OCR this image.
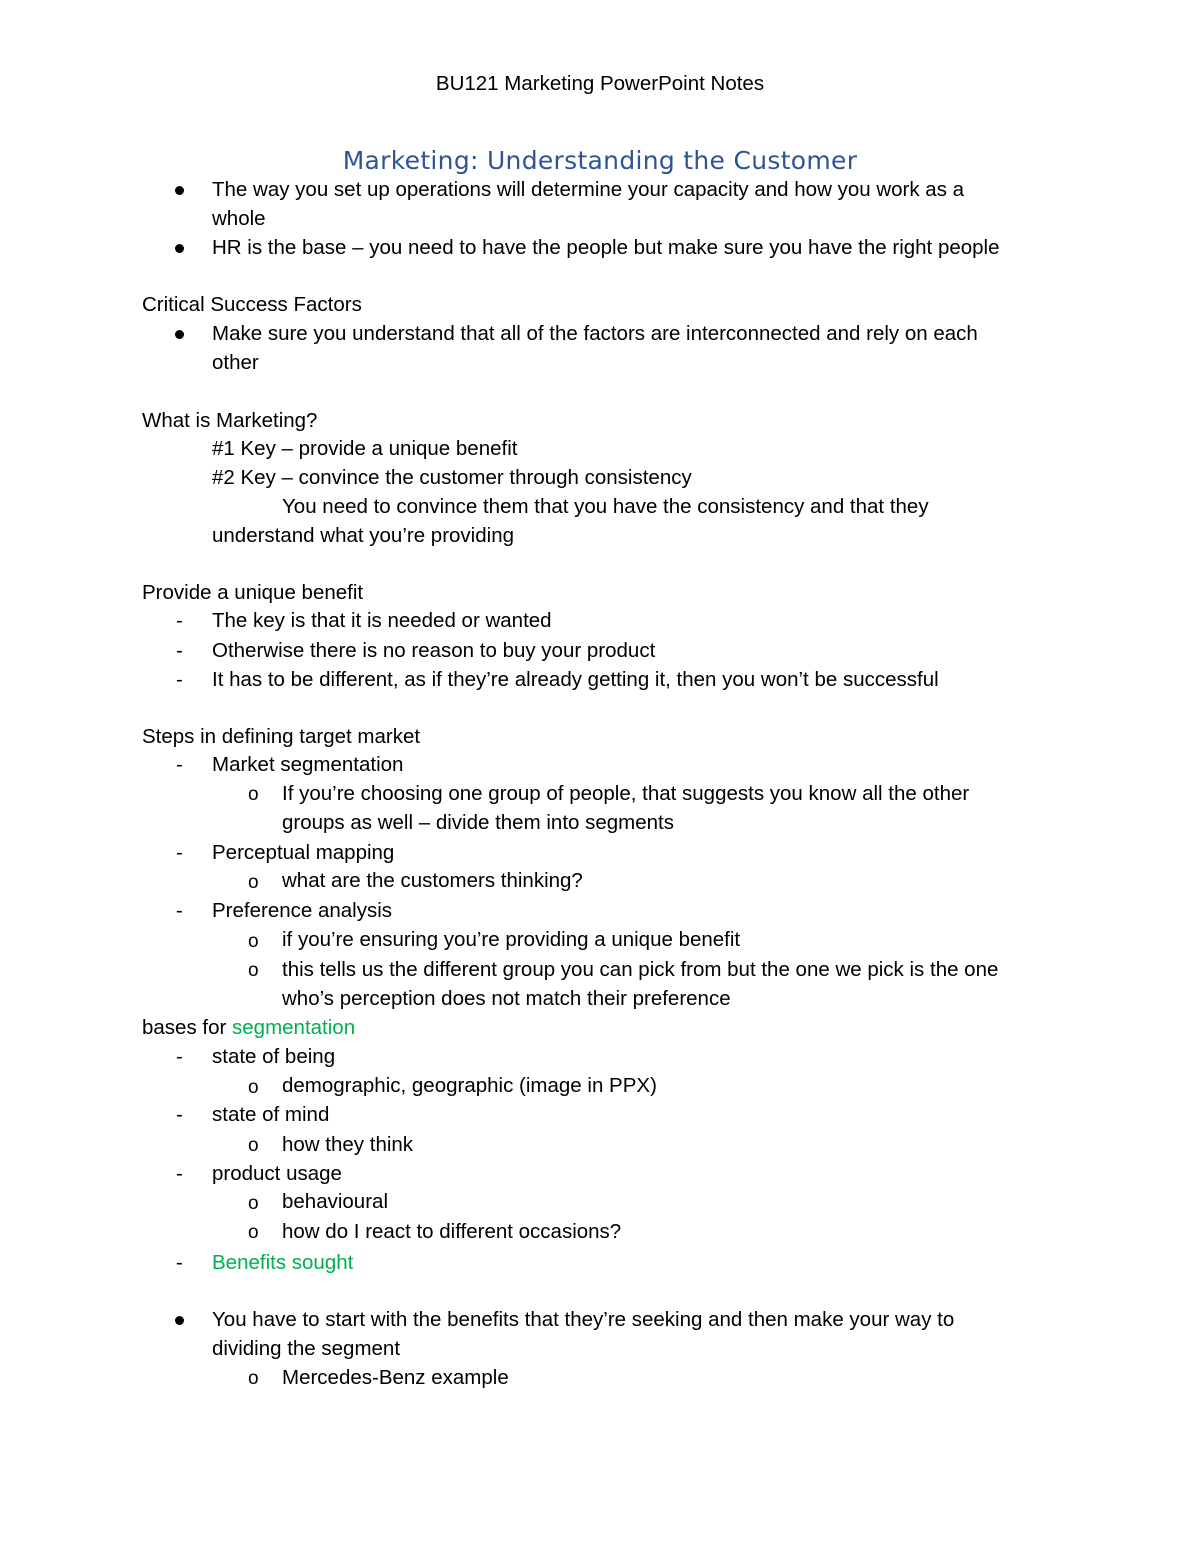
BU121 Marketing PowerPoint Notes
Marketing: Understanding the Customer
The way you set up operations will determine your capacity and how you work as a
whole
HR is the base – you need to have the people but make sure you have the right people
Critical Success Factors
Make sure you understand that all of the factors are interconnected and rely on each
other
What is Marketing?
#1 Key – provide a unique benefit
#2 Key – convince the customer through consistency
You need to convince them that you have the consistency and that they
understand what you’re providing
Provide a unique benefit
- The key is that it is needed or wanted
- Otherwise there is no reason to buy your product
- It has to be different, as if they’re already getting it, then you won’t be successful
Steps in defining target market
- Market segmentation
o If you’re choosing one group of people, that suggests you know all the other
groups as well – divide them into segments
- Perceptual mapping
o what are the customers thinking?
- Preference analysis
o if you’re ensuring you’re providing a unique benefit
o this tells us the different group you can pick from but the one we pick is the one
who’s perception does not match their preference
bases for segmentation
- state of being
o demographic, geographic (image in PPX)
- state of mind
o how they think
- product usage
o behavioural
o how do I react to different occasions?
- Benefits sought
You have to start with the benefits that they’re seeking and then make your way to
dividing the segment
o Mercedes-Benz example
